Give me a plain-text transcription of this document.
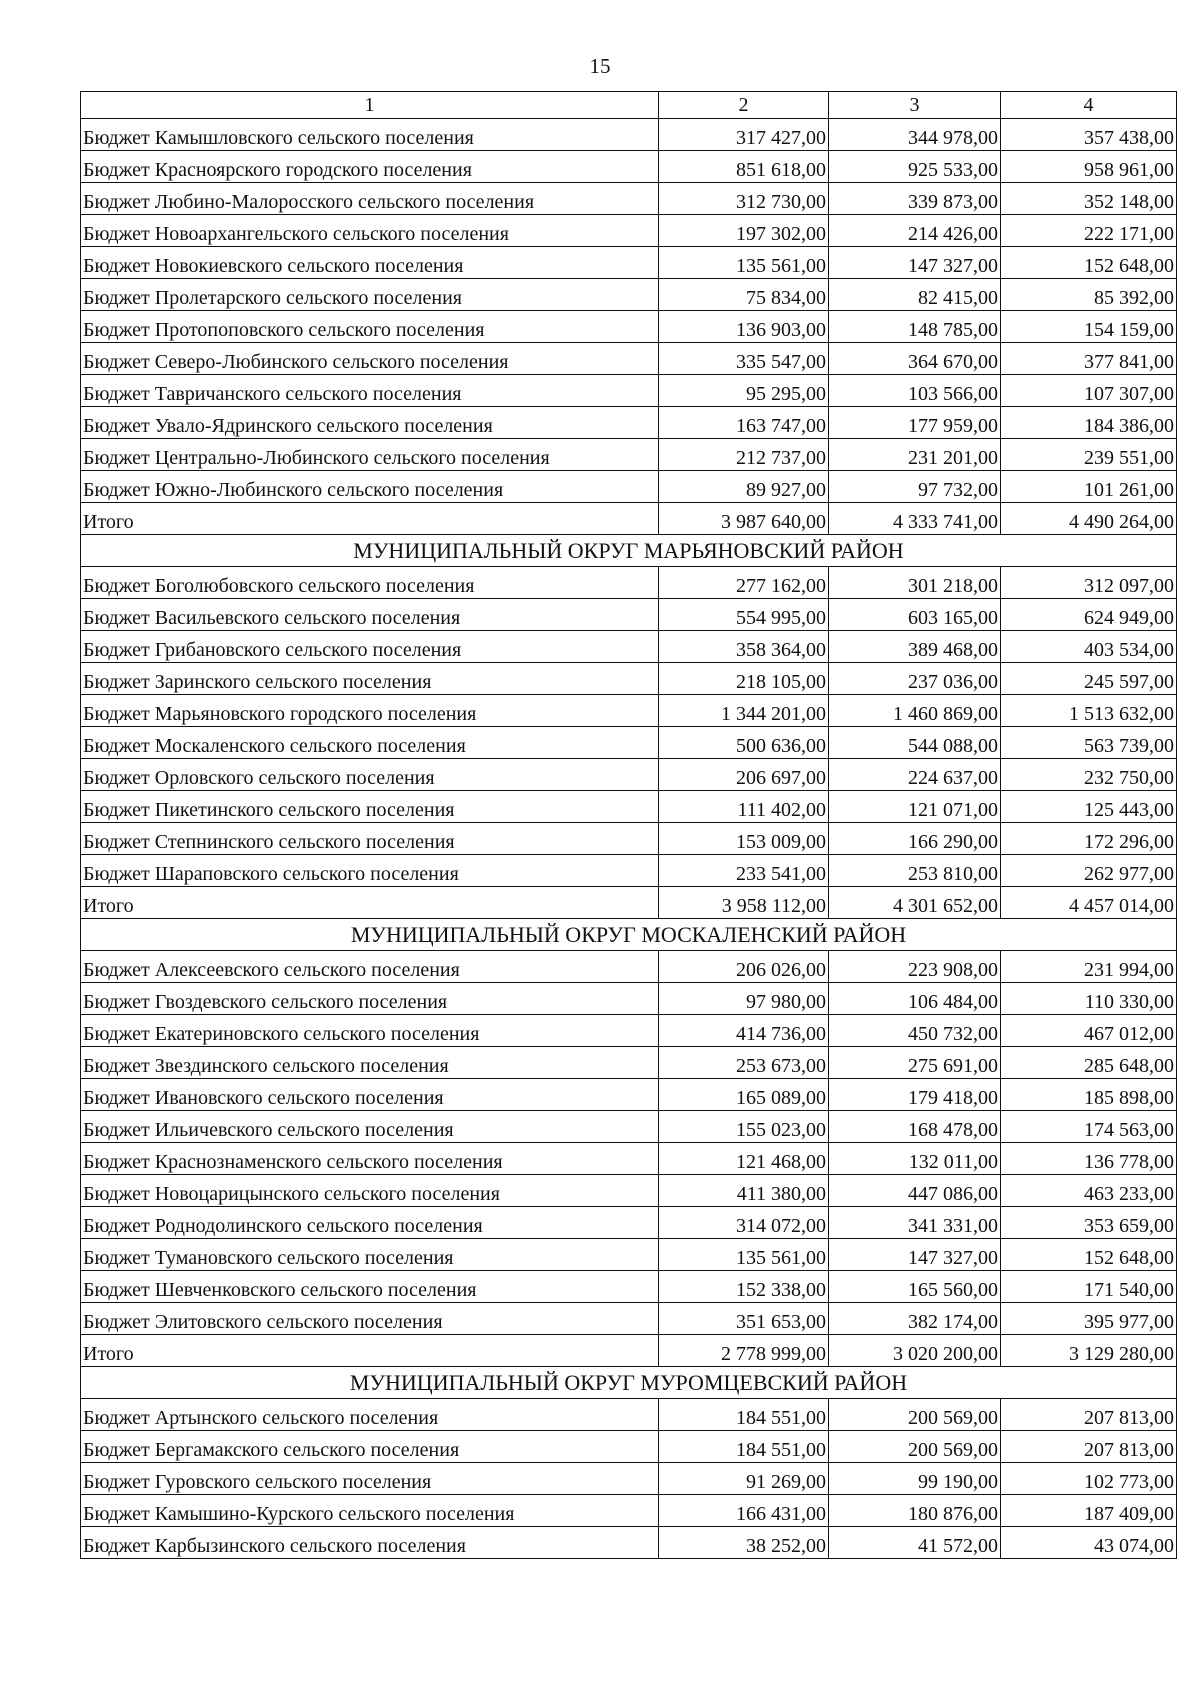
15
1	2	3	4
Бюджет Камышловского сельского поселения	317 427,00	344 978,00	357 438,00
Бюджет Красноярского городского поселения	851 618,00	925 533,00	958 961,00
Бюджет Любино-Малоросского сельского поселения	312 730,00	339 873,00	352 148,00
Бюджет Новоархангельского сельского поселения	197 302,00	214 426,00	222 171,00
Бюджет Новокиевского сельского поселения	135 561,00	147 327,00	152 648,00
Бюджет Пролетарского сельского поселения	75 834,00	82 415,00	85 392,00
Бюджет Протопоповского сельского поселения	136 903,00	148 785,00	154 159,00
Бюджет Северо-Любинского сельского поселения	335 547,00	364 670,00	377 841,00
Бюджет Тавричанского сельского поселения	95 295,00	103 566,00	107 307,00
Бюджет Увало-Ядринского сельского поселения	163 747,00	177 959,00	184 386,00
Бюджет Центрально-Любинского сельского поселения	212 737,00	231 201,00	239 551,00
Бюджет Южно-Любинского сельского поселения	89 927,00	97 732,00	101 261,00
Итого	3 987 640,00	4 333 741,00	4 490 264,00
МУНИЦИПАЛЬНЫЙ ОКРУГ МАРЬЯНОВСКИЙ РАЙОН			
Бюджет Боголюбовского сельского поселения	277 162,00	301 218,00	312 097,00
Бюджет Васильевского сельского поселения	554 995,00	603 165,00	624 949,00
Бюджет Грибановского сельского поселения	358 364,00	389 468,00	403 534,00
Бюджет Заринского сельского поселения	218 105,00	237 036,00	245 597,00
Бюджет Марьяновского городского поселения	1 344 201,00	1 460 869,00	1 513 632,00
Бюджет Москаленского сельского поселения	500 636,00	544 088,00	563 739,00
Бюджет Орловского сельского поселения	206 697,00	224 637,00	232 750,00
Бюджет Пикетинского сельского поселения	111 402,00	121 071,00	125 443,00
Бюджет Степнинского сельского поселения	153 009,00	166 290,00	172 296,00
Бюджет Шараповского сельского поселения	233 541,00	253 810,00	262 977,00
Итого	3 958 112,00	4 301 652,00	4 457 014,00
МУНИЦИПАЛЬНЫЙ ОКРУГ МОСКАЛЕНСКИЙ РАЙОН			
Бюджет Алексеевского сельского поселения	206 026,00	223 908,00	231 994,00
Бюджет Гвоздевского сельского поселения	97 980,00	106 484,00	110 330,00
Бюджет Екатериновского сельского поселения	414 736,00	450 732,00	467 012,00
Бюджет Звездинского сельского поселения	253 673,00	275 691,00	285 648,00
Бюджет Ивановского сельского поселения	165 089,00	179 418,00	185 898,00
Бюджет Ильичевского сельского поселения	155 023,00	168 478,00	174 563,00
Бюджет Краснознаменского сельского поселения	121 468,00	132 011,00	136 778,00
Бюджет Новоцарицынского сельского поселения	411 380,00	447 086,00	463 233,00
Бюджет Роднодолинского сельского поселения	314 072,00	341 331,00	353 659,00
Бюджет Тумановского сельского поселения	135 561,00	147 327,00	152 648,00
Бюджет Шевченковского сельского поселения	152 338,00	165 560,00	171 540,00
Бюджет Элитовского сельского поселения	351 653,00	382 174,00	395 977,00
Итого	2 778 999,00	3 020 200,00	3 129 280,00
МУНИЦИПАЛЬНЫЙ ОКРУГ МУРОМЦЕВСКИЙ РАЙОН			
Бюджет Артынского сельского поселения	184 551,00	200 569,00	207 813,00
Бюджет Бергамакского сельского поселения	184 551,00	200 569,00	207 813,00
Бюджет Гуровского сельского поселения	91 269,00	99 190,00	102 773,00
Бюджет Камышино-Курского сельского поселения	166 431,00	180 876,00	187 409,00
Бюджет Карбызинского сельского поселения	38 252,00	41 572,00	43 074,00
